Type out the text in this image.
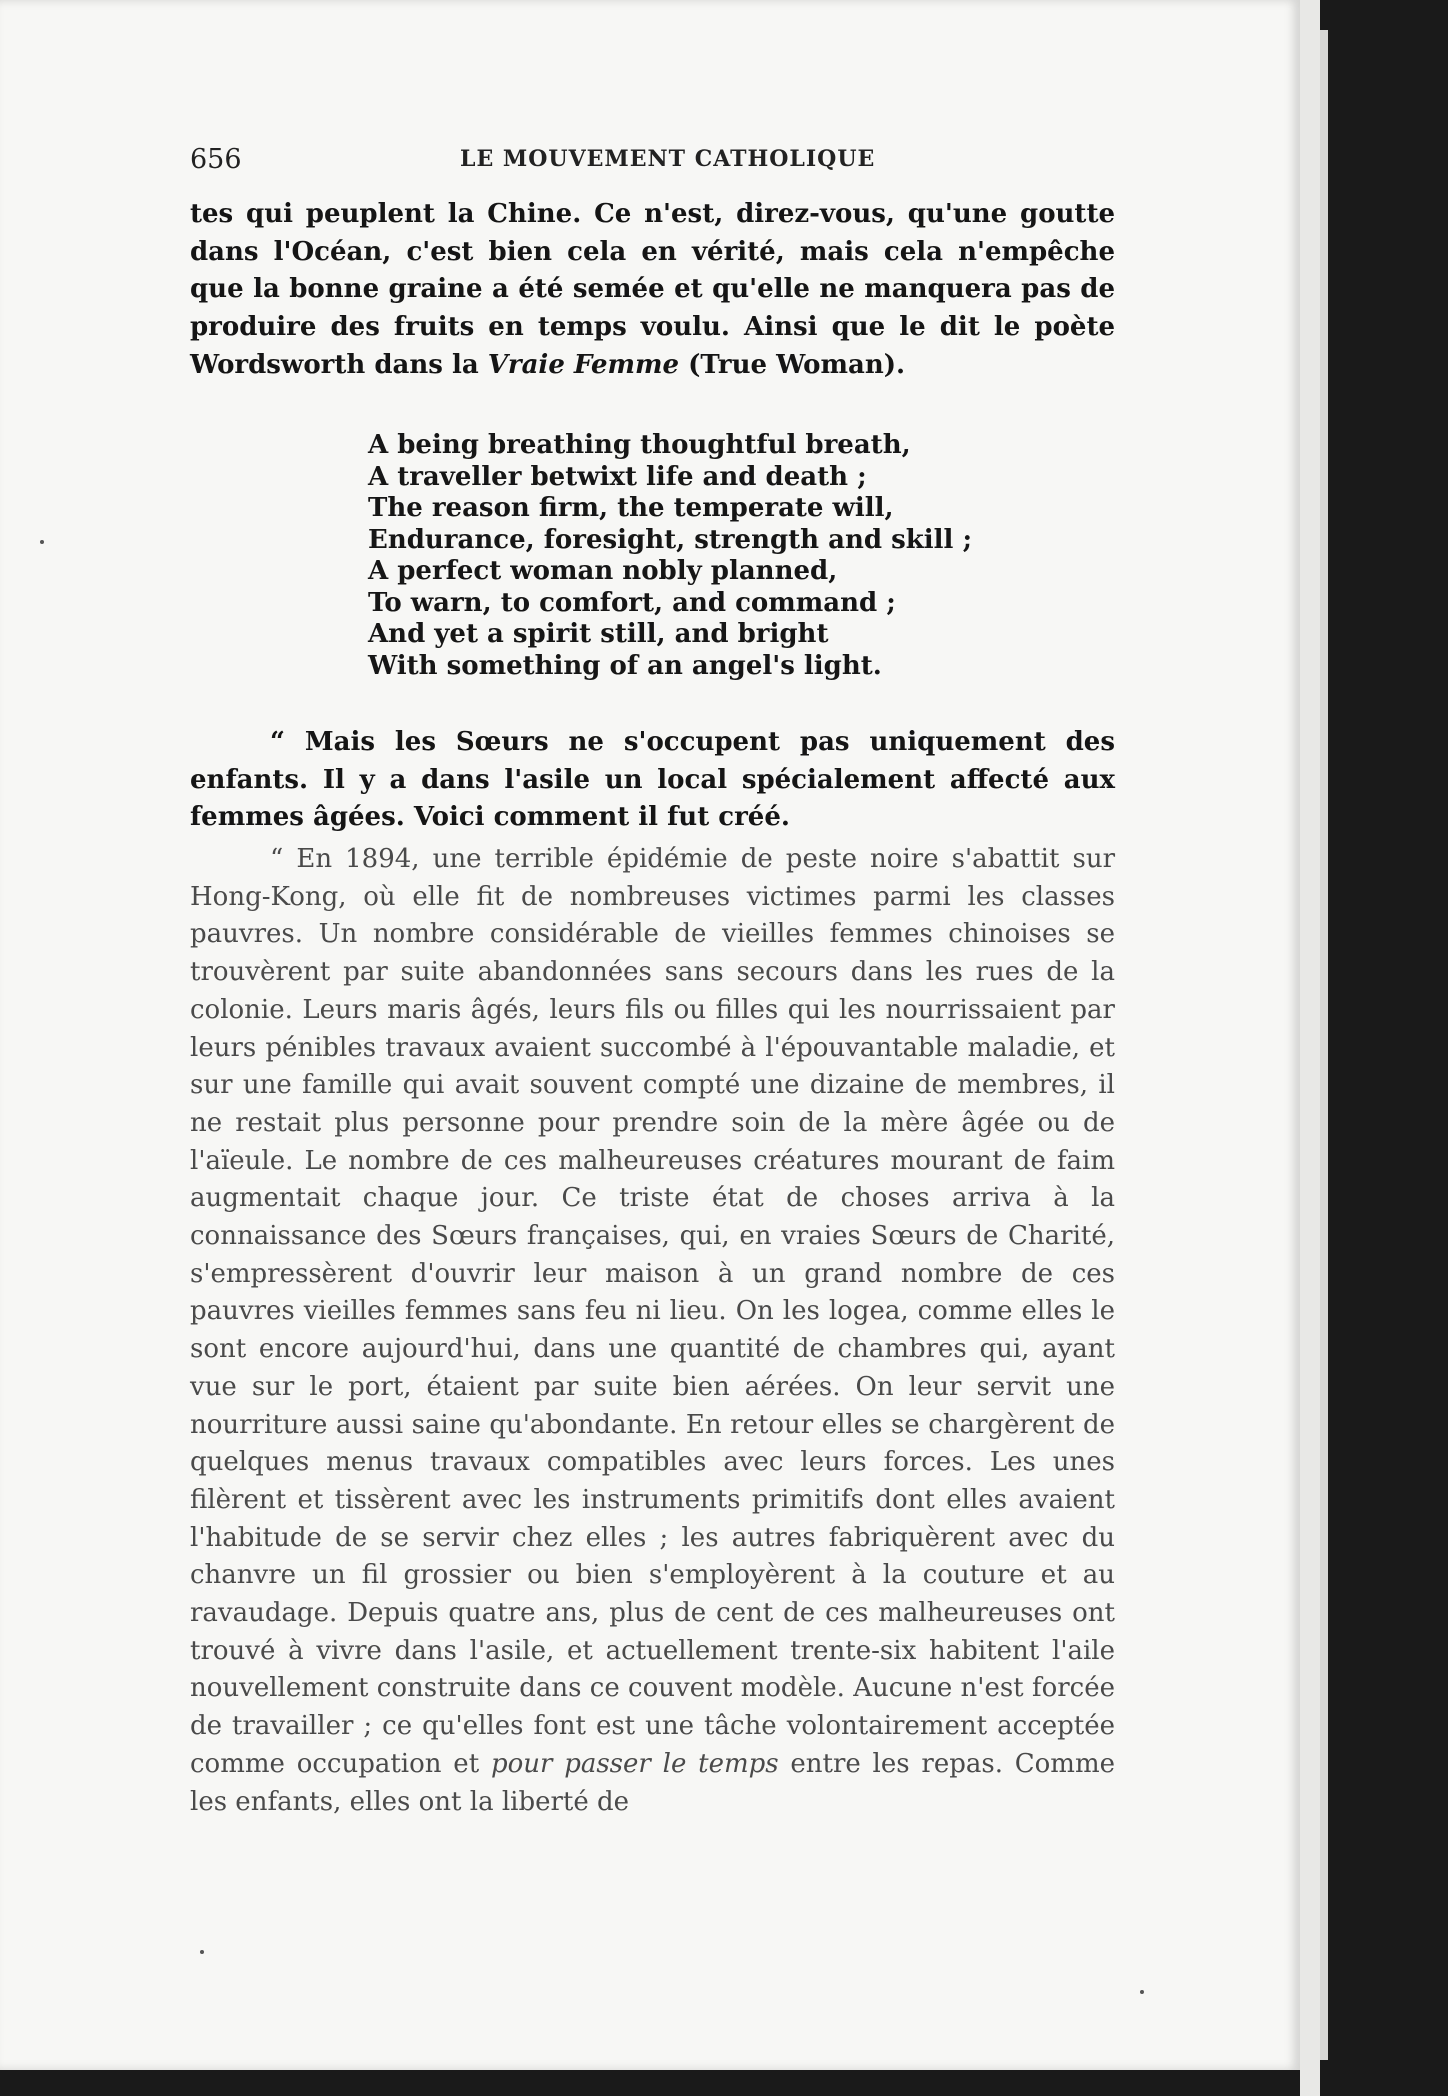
656	LE MOUVEMENT CATHOLIQUE
tes qui peuplent la Chine. Ce n'est, direz-vous, qu'une goutte dans l'Océan, c'est bien cela en vérité, mais cela n'empêche que la bonne graine a été semée et qu'elle ne manquera pas de produire des fruits en temps voulu. Ainsi que le dit le poète Wordsworth dans la Vraie Femme (True Woman).
A being breathing thoughtful breath,
A traveller betwixt life and death ;
The reason firm, the temperate will,
Endurance, foresight, strength and skill ;
A perfect woman nobly planned,
To warn, to comfort, and command ;
And yet a spirit still, and bright
With something of an angel's light.
“ Mais les Sœurs ne s'occupent pas uniquement des enfants. Il y a dans l'asile un local spécialement affecté aux femmes âgées. Voici comment il fut créé.
“ En 1894, une terrible épidémie de peste noire s'abattit sur Hong-Kong, où elle fit de nombreuses victimes parmi les classes pauvres. Un nombre considérable de vieilles femmes chinoises se trouvèrent par suite abandonnées sans secours dans les rues de la colonie. Leurs maris âgés, leurs fils ou filles qui les nourrissaient par leurs pénibles travaux avaient succombé à l'épouvantable maladie, et sur une famille qui avait souvent compté une dizaine de membres, il ne restait plus personne pour prendre soin de la mère âgée ou de l'aïeule. Le nombre de ces malheureuses créatures mourant de faim augmentait chaque jour. Ce triste état de choses arriva à la connaissance des Sœurs françaises, qui, en vraies Sœurs de Charité, s'empressèrent d'ouvrir leur maison à un grand nombre de ces pauvres vieilles femmes sans feu ni lieu. On les logea, comme elles le sont encore aujourd'hui, dans une quantité de chambres qui, ayant vue sur le port, étaient par suite bien aérées. On leur servit une nourriture aussi saine qu'abondante. En retour elles se chargèrent de quelques menus travaux compatibles avec leurs forces. Les unes filèrent et tissèrent avec les instruments primitifs dont elles avaient l'habitude de se servir chez elles ; les autres fabriquèrent avec du chanvre un fil grossier ou bien s'employèrent à la couture et au ravaudage. Depuis quatre ans, plus de cent de ces malheureuses ont trouvé à vivre dans l'asile, et actuellement trente-six habitent l'aile nouvellement construite dans ce couvent modèle. Aucune n'est forcée de travailler ; ce qu'elles font est une tâche volontairement acceptée comme occupation et pour passer le temps entre les repas. Comme les enfants, elles ont la liberté de
